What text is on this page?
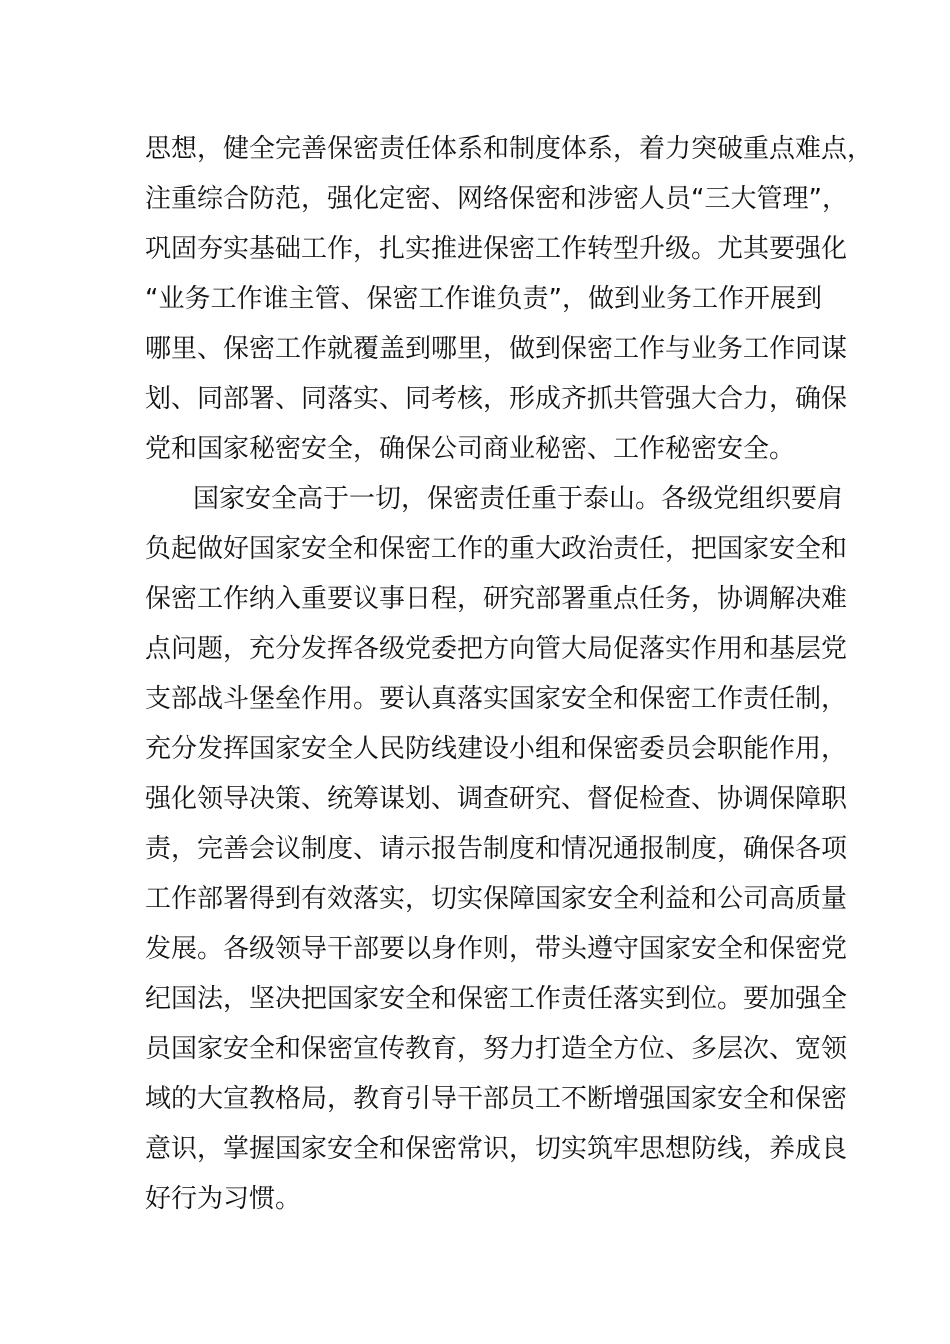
思想，健全完善保密责任体系和制度体系，着力突破重点难点，
注重综合防范，强化定密、网络保密和涉密人员“三大管理”，
巩固夯实基础工作，扎实推进保密工作转型升级。尤其要强化
“业务工作谁主管、保密工作谁负责”，做到业务工作开展到
哪里、保密工作就覆盖到哪里，做到保密工作与业务工作同谋
划、同部署、同落实、同考核，形成齐抓共管强大合力，确保
党和国家秘密安全，确保公司商业秘密、工作秘密安全。
国家安全高于一切，保密责任重于泰山。各级党组织要肩
负起做好国家安全和保密工作的重大政治责任，把国家安全和
保密工作纳入重要议事日程，研究部署重点任务，协调解决难
点问题，充分发挥各级党委把方向管大局促落实作用和基层党
支部战斗堡垒作用。要认真落实国家安全和保密工作责任制，
充分发挥国家安全人民防线建设小组和保密委员会职能作用，
强化领导决策、统筹谋划、调查研究、督促检查、协调保障职
责，完善会议制度、请示报告制度和情况通报制度，确保各项
工作部署得到有效落实，切实保障国家安全利益和公司高质量
发展。各级领导干部要以身作则，带头遵守国家安全和保密党
纪国法，坚决把国家安全和保密工作责任落实到位。要加强全
员国家安全和保密宣传教育，努力打造全方位、多层次、宽领
域的大宣教格局，教育引导干部员工不断增强国家安全和保密
意识，掌握国家安全和保密常识，切实筑牢思想防线，养成良
好行为习惯。
